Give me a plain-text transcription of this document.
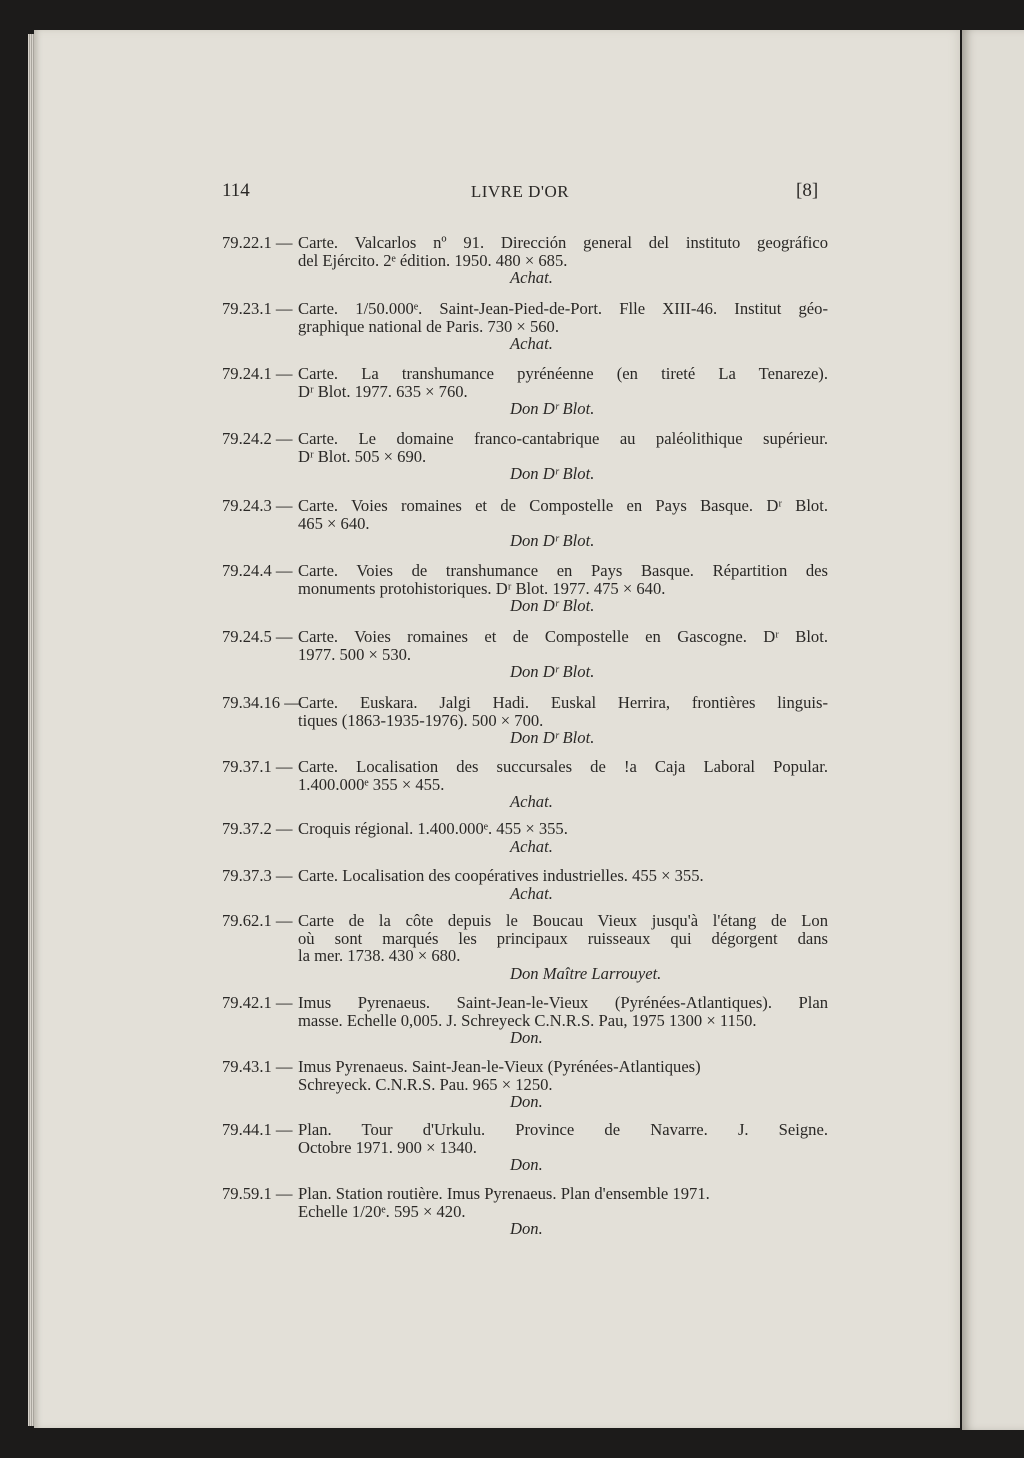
114	LIVRE D'OR	[8]
79.22.1 — Carte. Valcarlos nº 91. Dirección general del instituto geográfico
del Ejército. 2ᵉ édition. 1950. 480 × 685.
Achat.
79.23.1 — Carte. 1/50.000ᵉ. Saint-Jean-Pied-de-Port. Flle XIII-46. Institut géo-
graphique national de Paris. 730 × 560.
Achat.
79.24.1 — Carte. La transhumance pyrénéenne (en tireté La Tenareze).
Dʳ Blot. 1977. 635 × 760.
Don Dʳ Blot.
79.24.2 — Carte. Le domaine franco-cantabrique au paléolithique supérieur.
Dʳ Blot. 505 × 690.
Don Dʳ Blot.
79.24.3 — Carte. Voies romaines et de Compostelle en Pays Basque. Dʳ Blot.
465 × 640.
Don Dʳ Blot.
79.24.4 — Carte. Voies de transhumance en Pays Basque. Répartition des
monuments protohistoriques. Dʳ Blot. 1977. 475 × 640.
Don Dʳ Blot.
79.24.5 — Carte. Voies romaines et de Compostelle en Gascogne. Dʳ Blot.
1977. 500 × 530.
Don Dʳ Blot.
79.34.16 —
Carte. Euskara. Jalgi Hadi. Euskal Herrira, frontières linguis-
tiques (1863-1935-1976). 500 × 700.
Don Dʳ Blot.
79.37.1 — Carte. Localisation des succursales de !a Caja Laboral Popular.
1.400.000ᵉ 355 × 455.
Achat.
79.37.2 — Croquis régional. 1.400.000ᵉ. 455 × 355.
Achat.
79.37.3 — Carte. Localisation des coopératives industrielles. 455 × 355.
Achat.
79.62.1 — Carte de la côte depuis le Boucau Vieux jusqu'à l'étang de Lon
où sont marqués les principaux ruisseaux qui dégorgent dans
la mer. 1738. 430 × 680.
Don Maître Larrouyet.
79.42.1 — Imus Pyrenaeus. Saint-Jean-le-Vieux (Pyrénées-Atlantiques). Plan
masse. Echelle 0,005. J. Schreyeck C.N.R.S. Pau, 1975 1300 × 1150.
Don.
79.43.1 — Imus Pyrenaeus. Saint-Jean-le-Vieux (Pyrénées-Atlantiques)
Schreyeck. C.N.R.S. Pau. 965 × 1250.
Don.
79.44.1 — Plan. Tour d'Urkulu. Province de Navarre. J. Seigne.
Octobre 1971. 900 × 1340.
Don.
79.59.1 — Plan. Station routière. Imus Pyrenaeus. Plan d'ensemble 1971.
Echelle 1/20ᵉ. 595 × 420.
Don.
